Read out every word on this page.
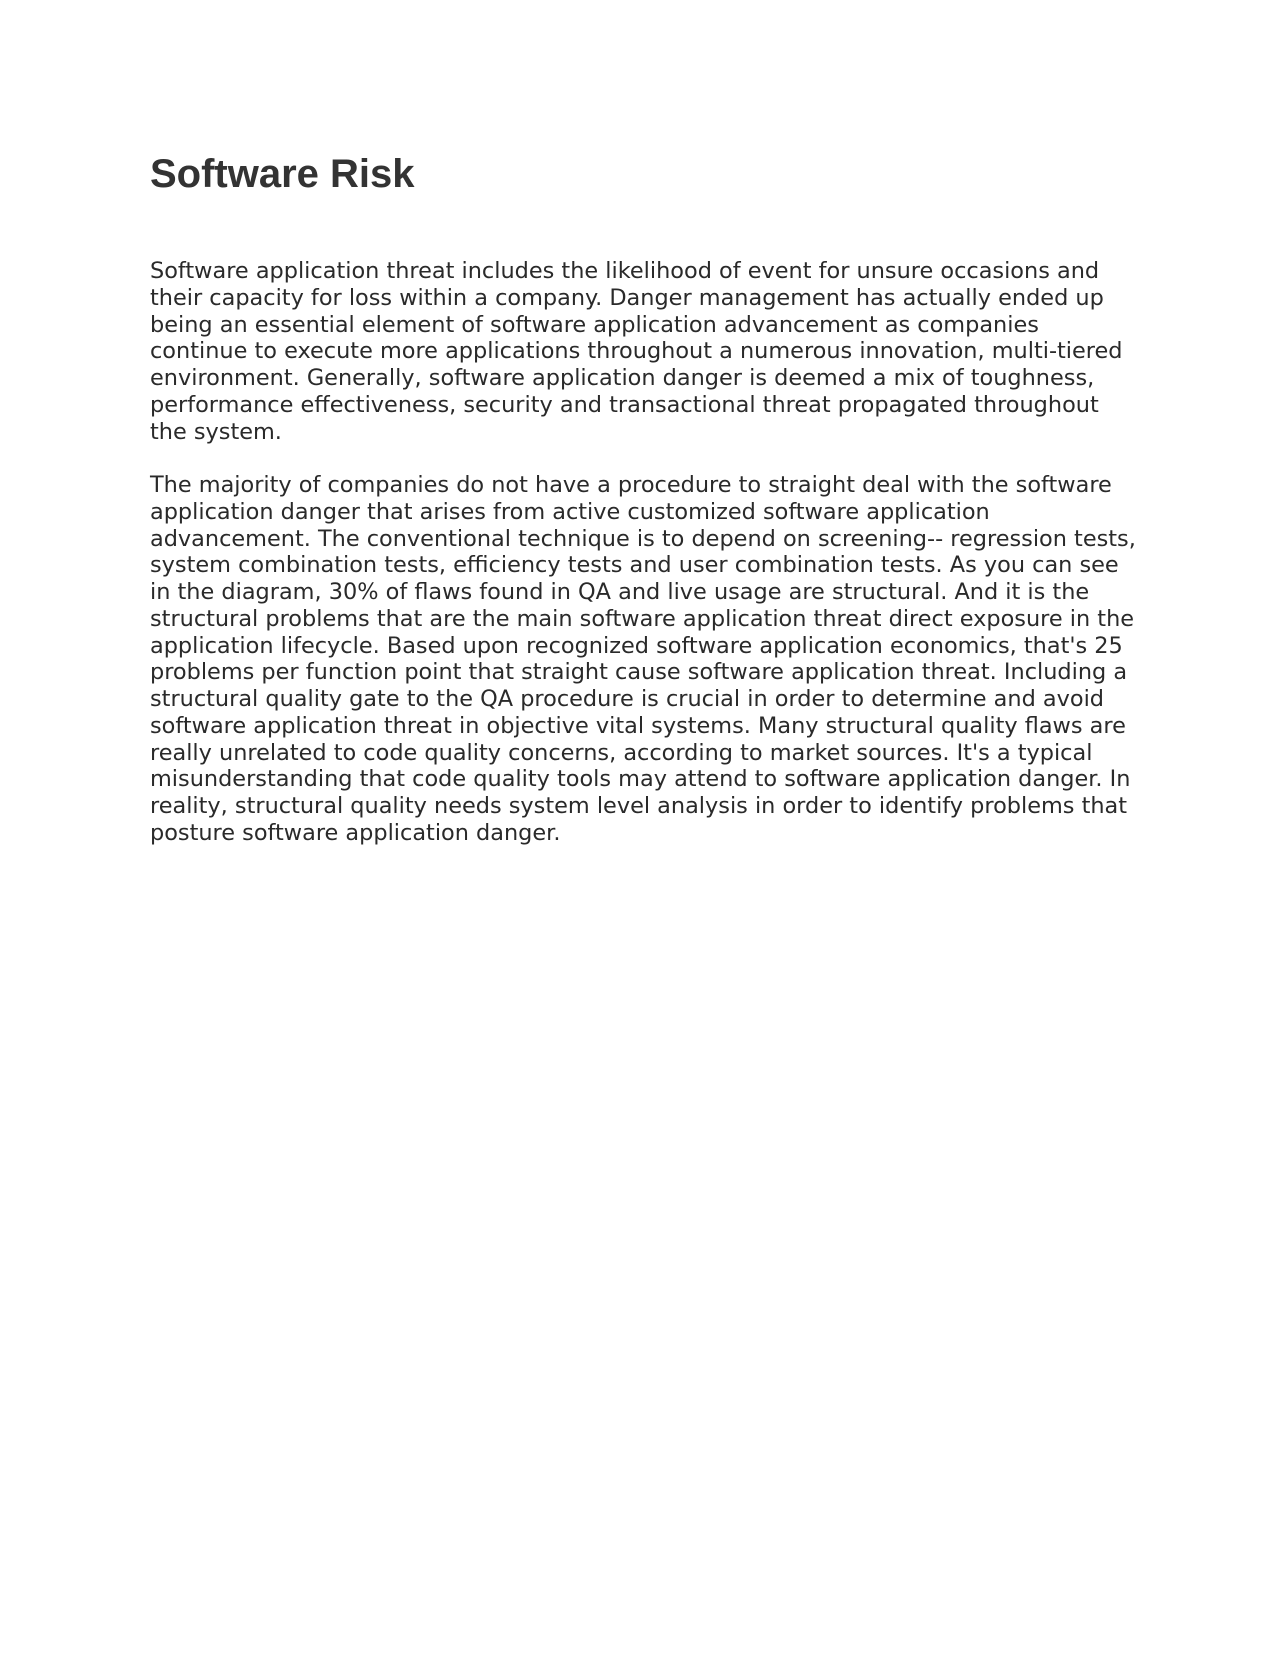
Software Risk

Software application threat includes the likelihood of event for unsure occasions and their capacity for loss within a company. Danger management has actually ended up being an essential element of software application advancement as companies continue to execute more applications throughout a numerous innovation, multi-tiered environment. Generally, software application danger is deemed a mix of toughness, performance effectiveness, security and transactional threat propagated throughout the system.

The majority of companies do not have a procedure to straight deal with the software application danger that arises from active customized software application advancement. The conventional technique is to depend on screening-- regression tests, system combination tests, efficiency tests and user combination tests. As you can see in the diagram, 30% of flaws found in QA and live usage are structural. And it is the structural problems that are the main software application threat direct exposure in the application lifecycle. Based upon recognized software application economics, that's 25 problems per function point that straight cause software application threat. Including a structural quality gate to the QA procedure is crucial in order to determine and avoid software application threat in objective vital systems. Many structural quality flaws are really unrelated to code quality concerns, according to market sources. It's a typical misunderstanding that code quality tools may attend to software application danger. In reality, structural quality needs system level analysis in order to identify problems that posture software application danger.
